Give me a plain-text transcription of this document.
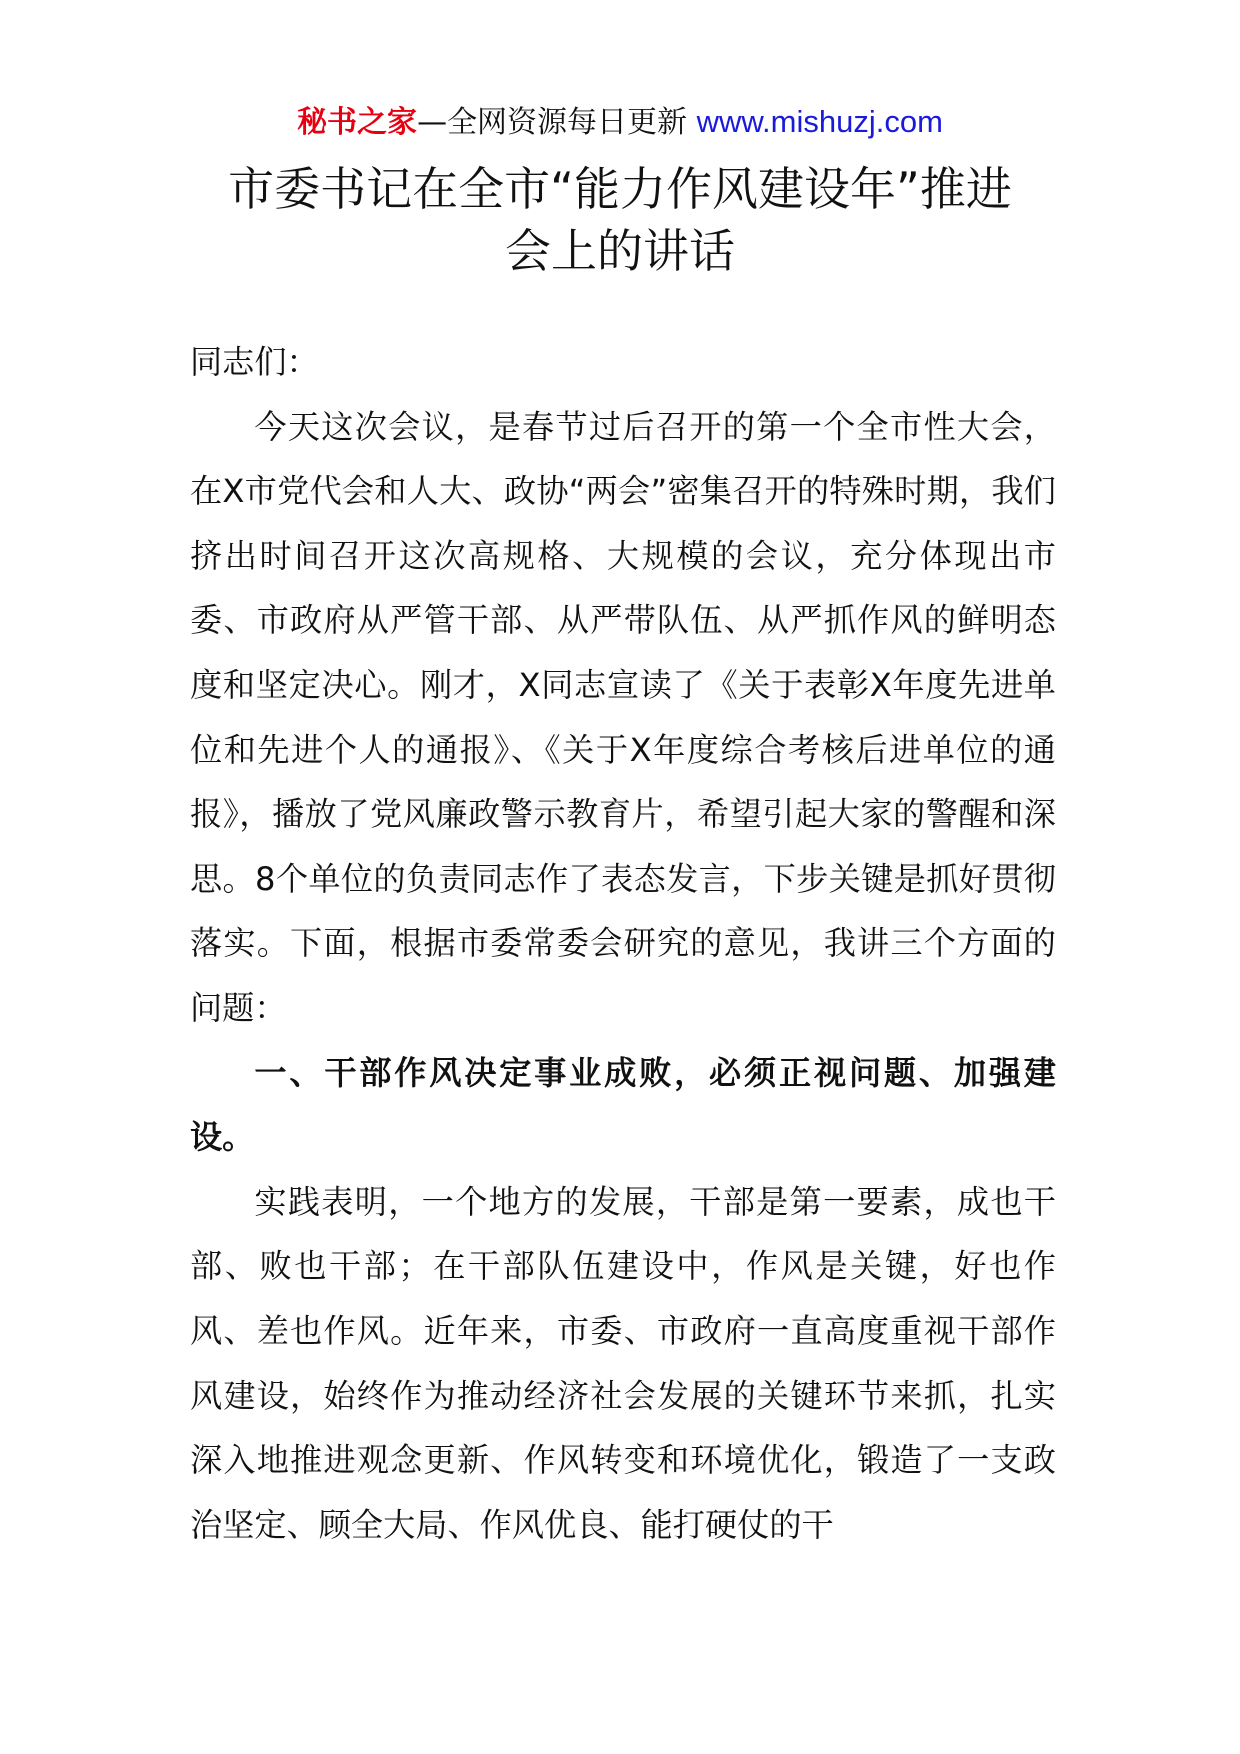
秘书之家—全网资源每日更新 www.mishuzj.com
市委书记在全市“能力作风建设年”推进
会上的讲话

同志们：

今天这次会议，是春节过后召开的第一个全市性大会，在X市党代会和人大、政协“两会”密集召开的特殊时期，我们挤出时间召开这次高规格、大规模的会议，充分体现出市委、市政府从严管干部、从严带队伍、从严抓作风的鲜明态度和坚定决心。刚才，X同志宣读了《关于表彰X年度先进单位和先进个人的通报》、《关于X年度综合考核后进单位的通报》，播放了党风廉政警示教育片，希望引起大家的警醒和深思。8个单位的负责同志作了表态发言，下步关键是抓好贯彻落实。下面，根据市委常委会研究的意见，我讲三个方面的问题：

一、干部作风决定事业成败，必须正视问题、加强建设。

实践表明，一个地方的发展，干部是第一要素，成也干部、败也干部；在干部队伍建设中，作风是关键，好也作风、差也作风。近年来，市委、市政府一直高度重视干部作风建设，始终作为推动经济社会发展的关键环节来抓，扎实深入地推进观念更新、作风转变和环境优化，锻造了一支政治坚定、顾全大局、作风优良、能打硬仗的干
